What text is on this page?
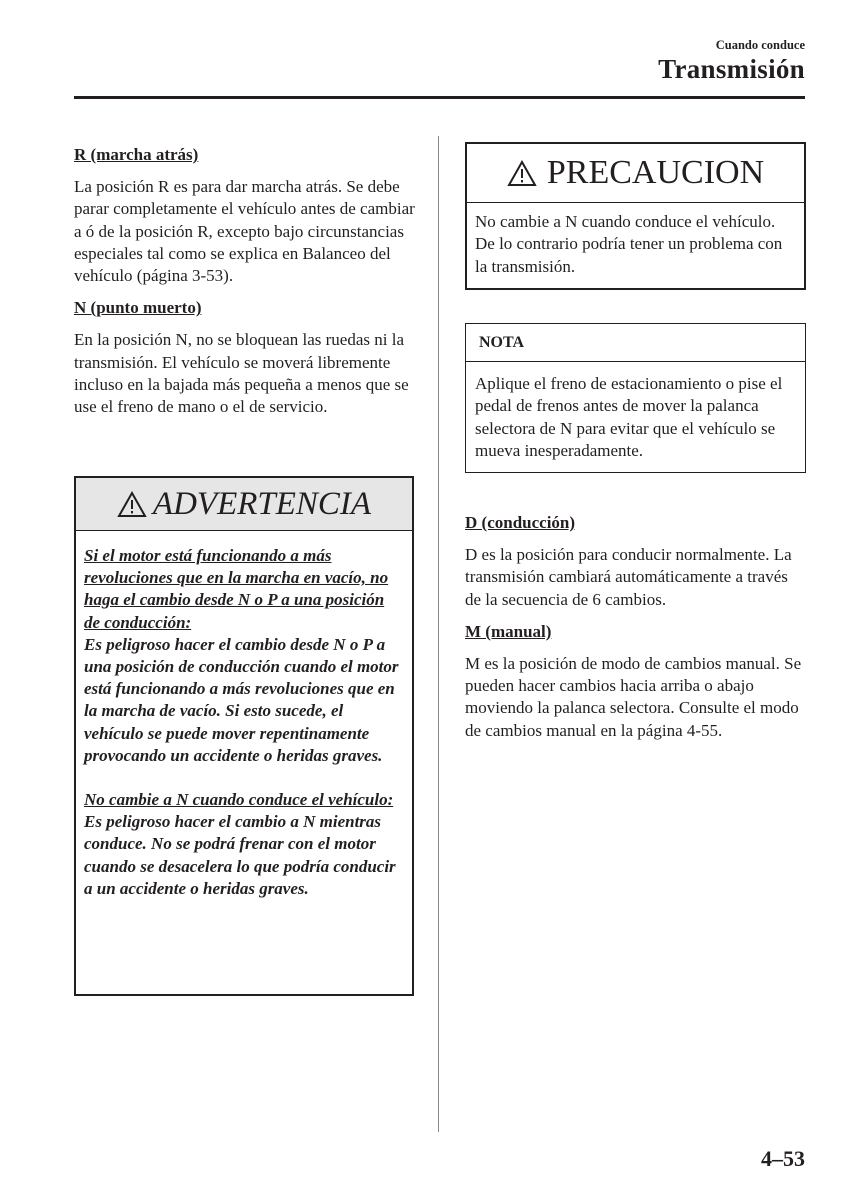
Cuando conduce
Transmisión
R (marcha atrás)

La posición R es para dar marcha atrás. Se debe parar completamente el vehículo antes de cambiar a ó de la posición R, excepto bajo circunstancias especiales tal como se explica en Balanceo del vehículo (página 3-53).

N (punto muerto)

En la posición N, no se bloquean las ruedas ni la transmisión. El vehículo se moverá libremente incluso en la bajada más pequeña a menos que se use el freno de mano o el de servicio.

ADVERTENCIA
Si el motor está funcionando a más revoluciones que en la marcha en vacío, no haga el cambio desde N o P a una posición de conducción:
Es peligroso hacer el cambio desde N o P a una posición de conducción cuando el motor está funcionando a más revoluciones que en la marcha de vacío. Si esto sucede, el vehículo se puede mover repentinamente provocando un accidente o heridas graves.
No cambie a N cuando conduce el vehículo:
Es peligroso hacer el cambio a N mientras conduce. No se podrá frenar con el motor cuando se desacelera lo que podría conducir a un accidente o heridas graves.
PRECAUCION
No cambie a N cuando conduce el vehículo. De lo contrario podría tener un problema con la transmisión.
NOTA
Aplique el freno de estacionamiento o pise el pedal de frenos antes de mover la palanca selectora de N para evitar que el vehículo se mueva inesperadamente.
D (conducción)

D es la posición para conducir normalmente. La transmisión cambiará automáticamente a través de la secuencia de 6 cambios.

M (manual)

M es la posición de modo de cambios manual. Se pueden hacer cambios hacia arriba o abajo moviendo la palanca selectora. Consulte el modo de cambios manual en la página 4-55.

4–53
